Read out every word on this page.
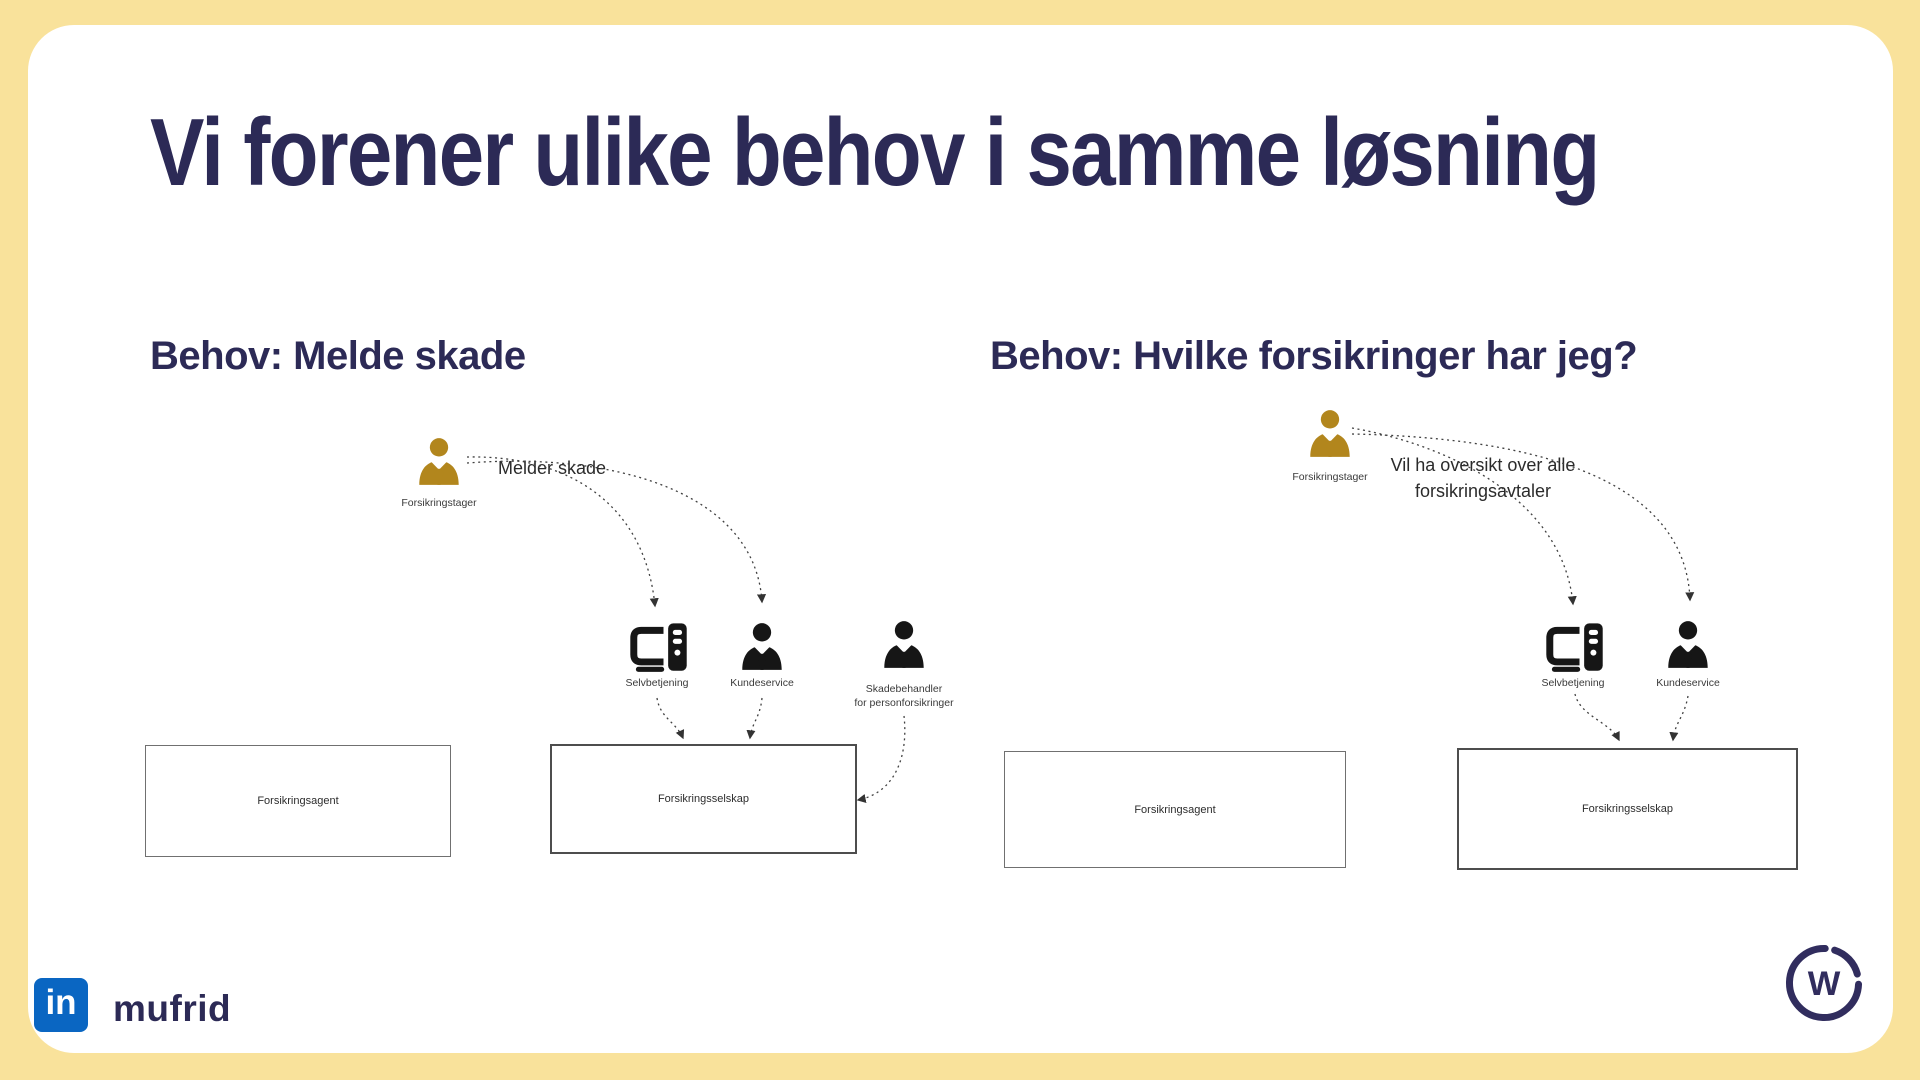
Vi forener ulike behov i samme løsning
Behov: Melde skade	Behov: Hvilke forsikringer har jeg?
Forsikringstager
Melder skade
Selvbetjening	Kundeservice	Skadebehandler
for personforsikringer
Forsikringsagent	Forsikringsselskap
Forsikringstager
Vil ha oversikt over alle
forsikringsavtaler
Selvbetjening	Kundeservice
Forsikringsagent	Forsikringsselskap
in mufrid
W
